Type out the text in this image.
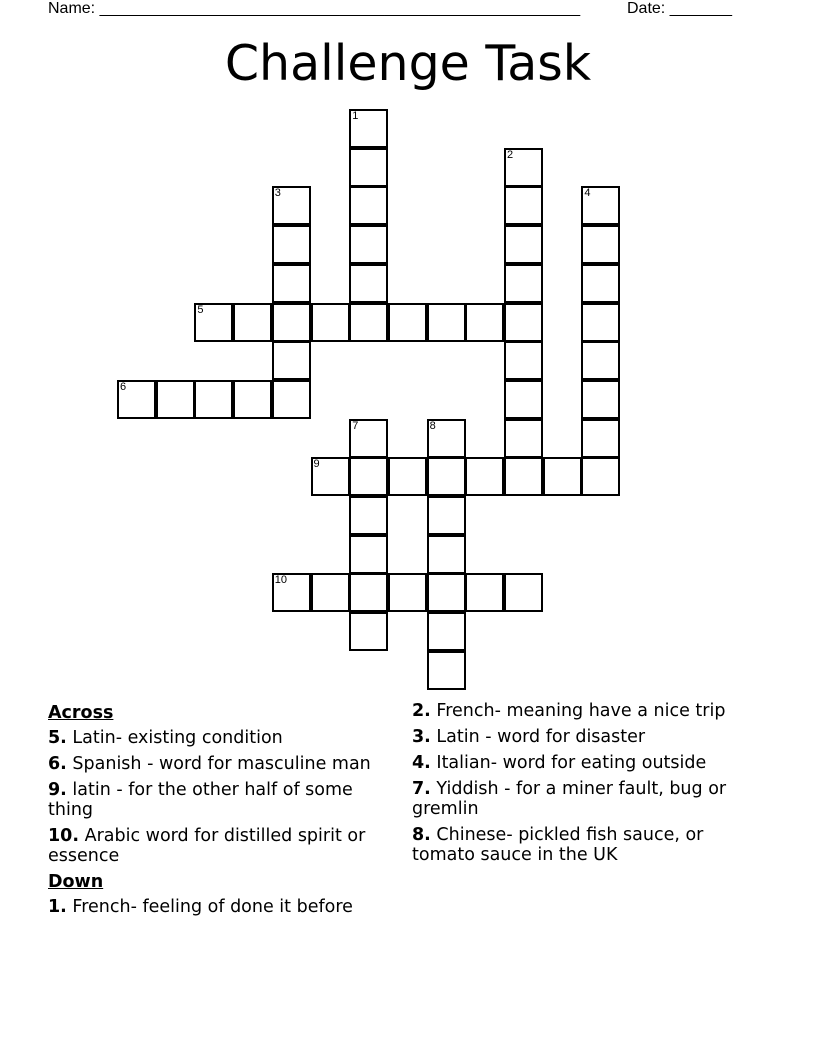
Name: ______________________________________________________	Date: _______
Challenge Task
1
2
3	4
5
6
7	8
9
10
Across
5. Latin- existing condition
6. Spanish - word for masculine man
9. latin - for the other half of some thing
10. Arabic word for distilled spirit or essence
Down
1. French- feeling of done it before
2. French- meaning have a nice trip
3. Latin - word for disaster
4. Italian- word for eating outside
7. Yiddish - for a miner fault, bug or gremlin
8. Chinese- pickled fish sauce, or tomato sauce in the UK
